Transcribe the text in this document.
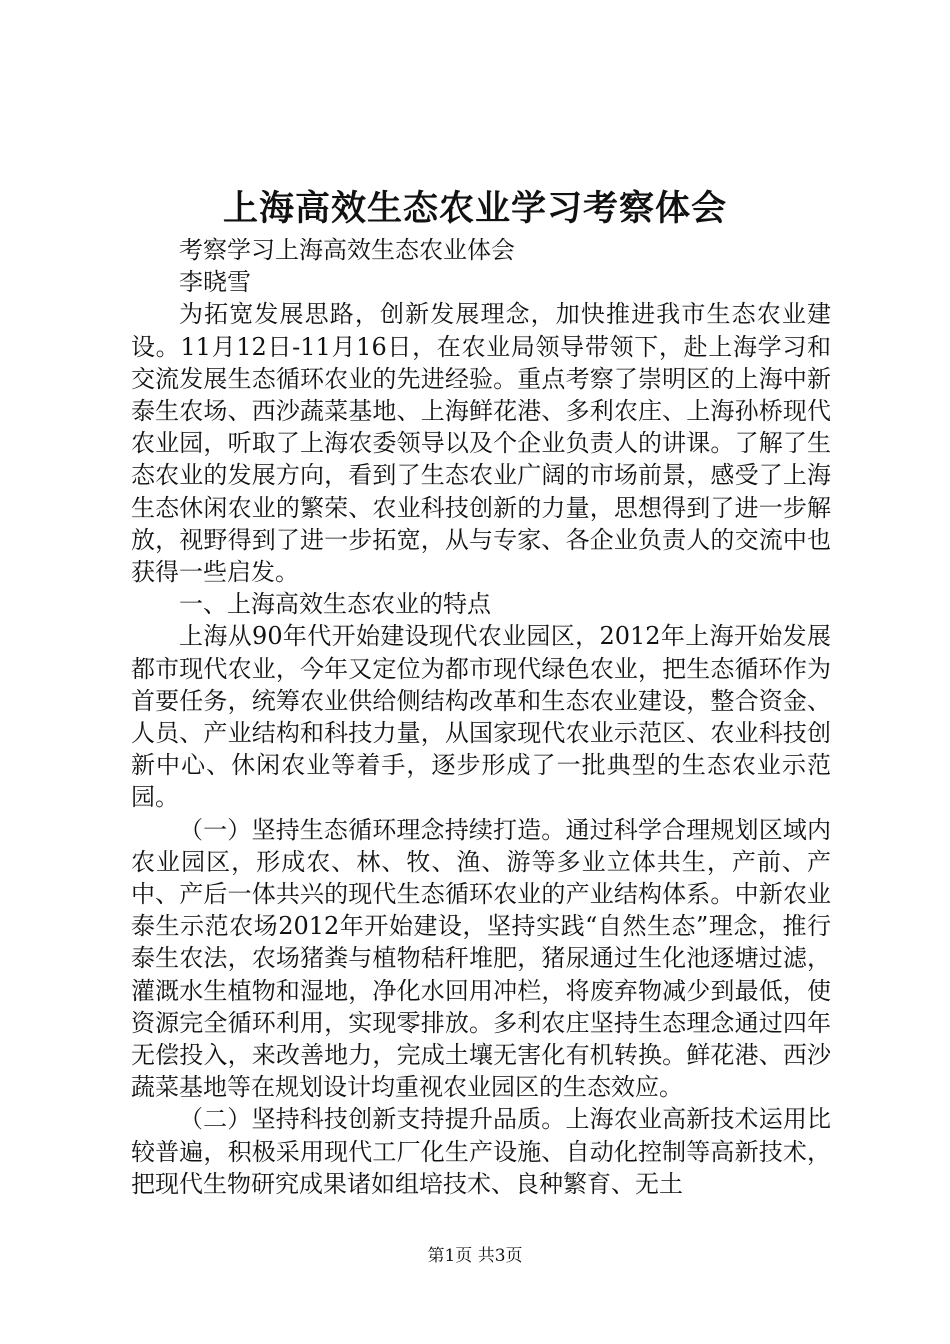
上海高效生态农业学习考察体会

考察学习上海高效生态农业体会

李晓雪

为拓宽发展思路，创新发展理念，加快推进我市生态农业建设。11月12日-11月16日，在农业局领导带领下，赴上海学习和交流发展生态循环农业的先进经验。重点考察了崇明区的上海中新泰生农场、西沙蔬菜基地、上海鲜花港、多利农庄、上海孙桥现代农业园，听取了上海农委领导以及个企业负责人的讲课。了解了生态农业的发展方向，看到了生态农业广阔的市场前景，感受了上海生态休闲农业的繁荣、农业科技创新的力量，思想得到了进一步解放，视野得到了进一步拓宽，从与专家、各企业负责人的交流中也获得一些启发。

一、上海高效生态农业的特点

上海从90年代开始建设现代农业园区，2012年上海开始发展都市现代农业，今年又定位为都市现代绿色农业，把生态循环作为首要任务，统筹农业供给侧结构改革和生态农业建设，整合资金、人员、产业结构和科技力量，从国家现代农业示范区、农业科技创新中心、休闲农业等着手，逐步形成了一批典型的生态农业示范园。

（一）坚持生态循环理念持续打造。通过科学合理规划区域内农业园区，形成农、林、牧、渔、游等多业立体共生，产前、产中、产后一体共兴的现代生态循环农业的产业结构体系。中新农业泰生示范农场2012年开始建设，坚持实践“自然生态”理念，推行泰生农法，农场猪粪与植物秸秆堆肥，猪尿通过生化池逐塘过滤，灌溉水生植物和湿地，净化水回用冲栏，将废弃物减少到最低，使资源完全循环利用，实现零排放。多利农庄坚持生态理念通过四年无偿投入，来改善地力，完成土壤无害化有机转换。鲜花港、西沙蔬菜基地等在规划设计均重视农业园区的生态效应。

（二）坚持科技创新支持提升品质。上海农业高新技术运用比较普遍，积极采用现代工厂化生产设施、自动化控制等高新技术，把现代生物研究成果诸如组培技术、良种繁育、无土

第1页 共3页
